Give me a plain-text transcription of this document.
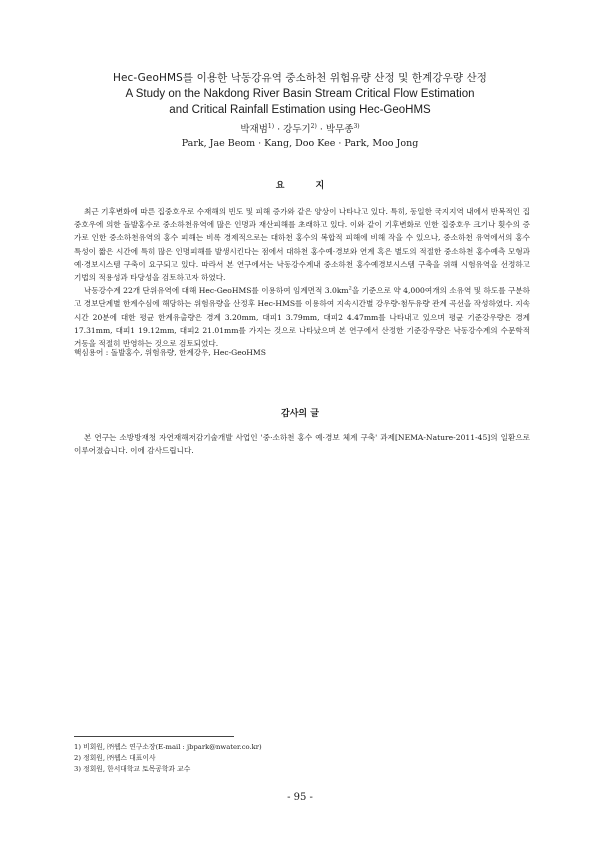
Hec-GeoHMS를 이용한 낙동강유역 중소하천 위험유량 산정 및 한계강우량 산정
A Study on the Nakdong River Basin Stream Critical Flow Estimation
and Critical Rainfall Estimation using Hec-GeoHMS
박재범$^{1)}$ · 강두기$^{2)}$ · 박무종$^{3)}$
Park, Jae Beom · Kang, Doo Kee · Park, Moo Jong
요 지

최근 기후변화에 따른 집중호우로 수재해의 빈도 및 피해 증가와 같은 양상이 나타나고 있다. 특히, 동일한 국지지역 내에서 반복적인 집중호우에 의한 돌발홍수로 중소하천유역에 많은 인명과 재산피해를 초래하고 있다. 이와 같이 기후변화로 인한 집중호우 크기나 횟수의 증가로 인한 중소하천유역의 홍수 피해는 비록 경제적으로는 대하천 홍수의 복합적 피해에 비해 작을 수 있으나, 중소하천 유역에서의 홍수 특성이 짧은 시간에 특히 많은 인명피해를 발생시킨다는 점에서 대하천 홍수예·경보와 연계 혹은 별도의 적절한 중소하천 홍수예측 모형과 예·경보시스템 구축이 요구되고 있다. 따라서 본 연구에서는 낙동강수계내 중소하천 홍수예경보시스템 구축을 위해 시험유역을 선정하고 기법의 적용성과 타당성을 검토하고자 하였다.

낙동강수계 22개 단위유역에 대해 Hec-GeoHMS를 이용하여 임계면적 $3.0km^2$을 기준으로 약 4,000여개의 소유역 및 하도를 구분하고 경보단계별 한계수심에 해당하는 위험유량을 산정후 Hec-HMS를 이용하여 지속시간별 강우량-첨두유량 관계 곡선을 작성하였다. 지속시간 20분에 대한 평균 한계유출량은 경계 3.20mm, 대피1 3.79mm, 대피2 4.47mm를 나타내고 있으며 평균 기준강우량은 경계 17.31mm, 대피1 19.12mm, 대피2 21.01mm를 가지는 것으로 나타났으며 본 연구에서 산정한 기준강우량은 낙동강수계의 수문학적 거동을 적절히 반영하는 것으로 검토되었다.

핵심용어 : 돌발홍수, 위험유량, 한계강우, Hec-GeoHMS
감사의 글

본 연구는 소방방재청 자연재해저감기술개발 사업인 '중·소하천 홍수 예·경보 체계 구축' 과제[NEMA-Nature-2011-45]의 일환으로 이루어졌습니다. 이에 감사드립니다.

1) 비회원, ㈜웹스 연구소장(E-mail : jbpark@nwater.co.kr)
2) 정회원, ㈜웹스 대표이사
3) 정회원, 한서대학교 토목공학과 교수
- 95 -
